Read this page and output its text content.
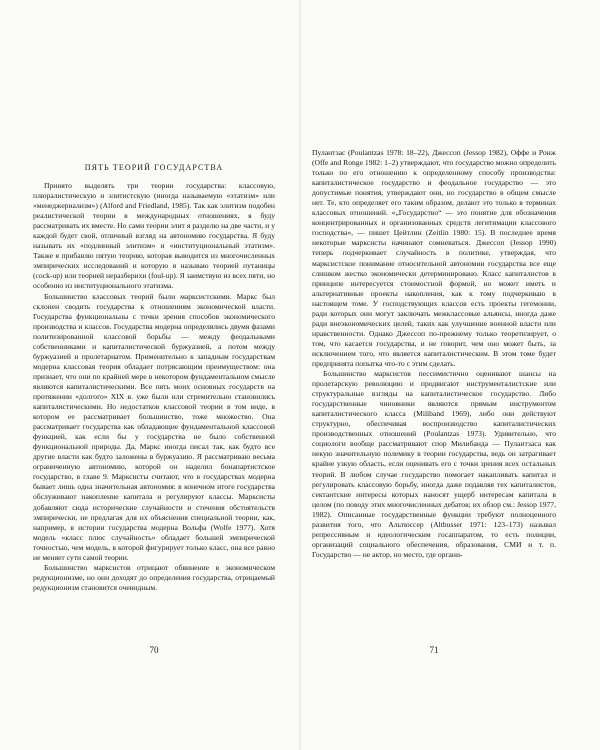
ПЯТЬ ТЕОРИЙ ГОСУДАРСТВА

Принято выделять три теории государства: классовую, плюралистическую и элитистскую (иногда называемую «этатизм» или «менеджериализм») (Alford and Friedland, 1985). Так как элитизм подобен реалистической теории в международных отношениях, я буду рассматривать их вместе. Но сами теории элит я разделю на две части, и у каждой будет свой, отличный взгляд на автономию государства. Я буду называть их «подлинный элитизм» и «институциональный этатизм». Также я прибавлю пятую теорию, которая выводится из многочисленных эмпирических исследований и которую я называю теорией путаницы (cock-up) или теорией неразберихи (foul-up). Я заимствую из всех пяти, но особенно из институционального этатизма.

Большинство классовых теорий были марксистскими. Маркс был склонен сводить государства к отношениям экономической власти. Государства функциональны с точки зрения способов экономического производства и классов. Государства модерна определялись двумя фазами политизированной классовой борьбы — между феодальными собственниками и капиталистической буржуазией, а потом между буржуазией и пролетариатом. Применительно к западным государствам модерна классовая теория обладает потрясающим преимуществом: она признает, что они по крайней мере в некотором фундаментальном смысле являются капиталистическими. Все пять моих основных государств на протяжении «долгого» XIX в. уже были или стремительно становились капиталистическими. Но недостатков классовой теории в том виде, в котором ее рассматривает большинство, тоже множество. Она рассматривает государства как обладающие фундаментальной классовой функцией, как если бы у государства не было собственной функциональной природы. Да, Маркс иногда писал так, как будто все другие власти как будто заложены в буржуазию. Я рассматриваю весьма ограниченную автономию, которой он наделил бонапартистское государство, в главе 9. Марксисты считают, что в государствах модерна бывает лишь одна значительная автономия: в конечном итоге государства обслуживают накопление капитала и регулируют классы. Марксисты добавляют сюда исторические случайности и стечения обстоятельств эмпирически, не предлагая для их объяснения специальной теории, как, например, в истории государства модерна Вольфа (Wolfe 1977). Хотя модель «класс плюс случайность» обладает большей эмпирической точностью, чем модель, в которой фигурирует только класс, она все равно не меняет сути самой теории.

Большинство марксистов отрицают обвинение в экономическом редукционизме, но они доходят до определения государства, отрицаемый редукционизм становится очевидным.

70

Пулантзас (Poulantzas 1978: 18–22), Джессоп (Jessop 1982), Оффе и Ронж (Offe and Ronge 1982: 1–2) утверждают, что государство можно определить только по его отношению к определенному способу производства: капиталистическое государство и феодальное государство — это допустимые понятия, утверждают они, но государство в общем смысле нет. Те, кто определяет его таким образом, делают это только в терминах классовых отношений. «„Государство“ — это понятие для обозначения концентрированных и организованных средств легитимации классового господства», — пишет Цейтлин (Zeitlin 1980: 15). В последнее время некоторые марксисты начинают сомневаться. Джессоп (Jessop 1990) теперь подчеркивает случайность в политике, утверждая, что марксистское понимание относительной автономии государства все еще слишком жестко экономически детерминировано. Класс капиталистов в принципе интересуется стоимостной формой, но может иметь и альтернативные проекты накопления, как к тому подчеркиваю в настоящем томе. У господствующих классов есть проекты гегемонии, ради которых они могут заключать межклассовые альянсы, иногда даже ради внеэкономических целей, таких как улучшение военной власти или нравственности. Однако Джессоп по-прежнему только теоретизирует, о том, что касается государства, и не говорит, чем оно может быть, за исключением того, что является капиталистическим. В этом томе будет предпринята попытка что-то с этим сделать.

Большинство марксистов пессимистично оценивают шансы на пролетарскую революцию и продвигают инструменталистские или структуральные взгляды на капиталистическое государство. Либо государственные чиновники являются прямым инструментом капиталистического класса (Miliband 1969), либо они действуют структурно, обеспечивая воспроизводство капиталистических производственных отношений (Poulantzas 1973). Удивительно, что социологи вообще рассматривают спор Милибанда — Пулантзаса как некую значительную полемику в теории государства, ведь он затрагивает крайне узкую область, если оценивать его с точки зрения всех остальных теорий. В любом случае государство помогает накапливать капитал и регулировать классовую борьбу, иногда даже подавляя тех капиталистов, сектантские интересы которых наносят ущерб интересам капитала в целом (по поводу этих многочисленных дебатов; их обзор см.: Jessop 1977, 1982). Описанные государственные функции требуют полноценного развития того, что Альтюссер (Althusser 1971: 123–173) называл репрессивным и идеологическим госаппаратом, то есть полиции, организаций социального обеспечения, образования, СМИ и т. п. Государство — не актор, но место, где органи-

71
